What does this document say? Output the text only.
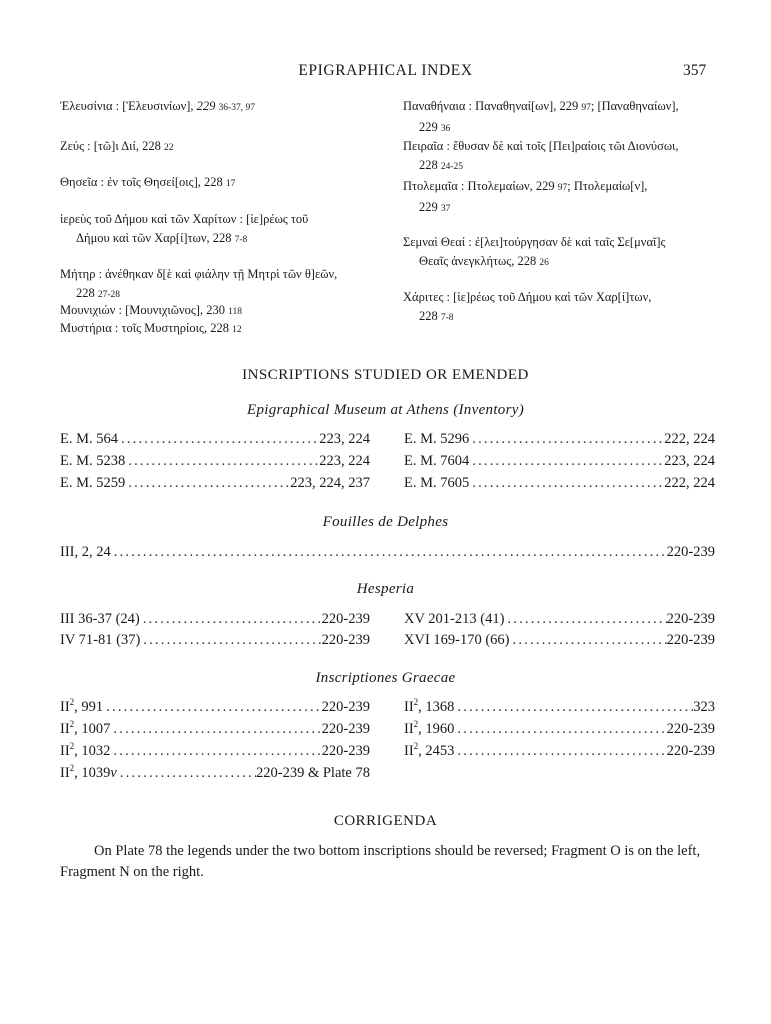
EPIGRAPHICAL INDEX	357
Ἐλευσίνια : [Ἐλευσινίων], 229 36-37, 97
Ζεύς : [τῶ]ι Διί, 228 22
Θησεῖα : ἐν τοῖς Θησεί[οις], 228 17
ἱερεὺς τοῦ Δήμου καὶ τῶν Χαρίτων : [ἱε]ρέως τοῦ
Δήμου καὶ τῶν Χαρ[ί]των, 228 7-8
Μήτηρ : ἀνέθηκαν δ[ὲ καὶ φιάλην τῇ Μητρὶ τῶν θ]εῶν,
228 27-28
Μουνιχιών : [Μουνιχιῶνος], 230 118
Μυστήρια : τοῖς Μυστηρίοις, 228 12
Παναθήναια : Παναθηναί[ων], 229 97; [Παναθηναίων],
229 36
Πειραῖα : ἔθυσαν δὲ καὶ τοῖς [Πει]ραίοις τῶι Διονύσωι,
228 24-25
Πτολεμαῖα : Πτολεμαίων, 229 97; Πτολεμαίω[ν],
229 37
Σεμναὶ Θεαί : ἐ[λει]τούργησαν δὲ καὶ ταῖς Σε[μναῖ]ς
Θεαῖς ἀνεγκλήτως, 228 26
Χάριτες : [ἱε]ρέως τοῦ Δήμου καὶ τῶν Χαρ[ί]των,
228 7-8
INSCRIPTIONS STUDIED OR EMENDED
Epigraphical Museum at Athens (Inventory)
E. M. 564 .....	223, 224
E. M. 5238 .....	223, 224
E. M. 5259 .....	223, 224, 237
E. M. 5296 .....	222, 224
E. M. 7604 .....	223, 224
E. M. 7605 .....	222, 224
Fouilles de Delphes
III, 2, 24 .....	220-239
Hesperia
III 36-37 (24) .....	220-239
IV 71-81 (37) .....	220-239
XV 201-213 (41) .....	220-239
XVI 169-170 (66) .....	220-239
Inscriptiones Graecae
$II^2$, 991 .....	220-239
$II^2$, 1007 .....	220-239
$II^2$, 1032 .....	220-239
$II^2$, 1039v .....	220-239 & Plate 78
$II^2$, 1368 .....	323
$II^2$, 1960 .....	220-239
$II^2$, 2453 .....	220-239
CORRIGENDA
On Plate 78 the legends under the two bottom inscriptions should be reversed; Fragment O is on the left, Fragment N on the right.
